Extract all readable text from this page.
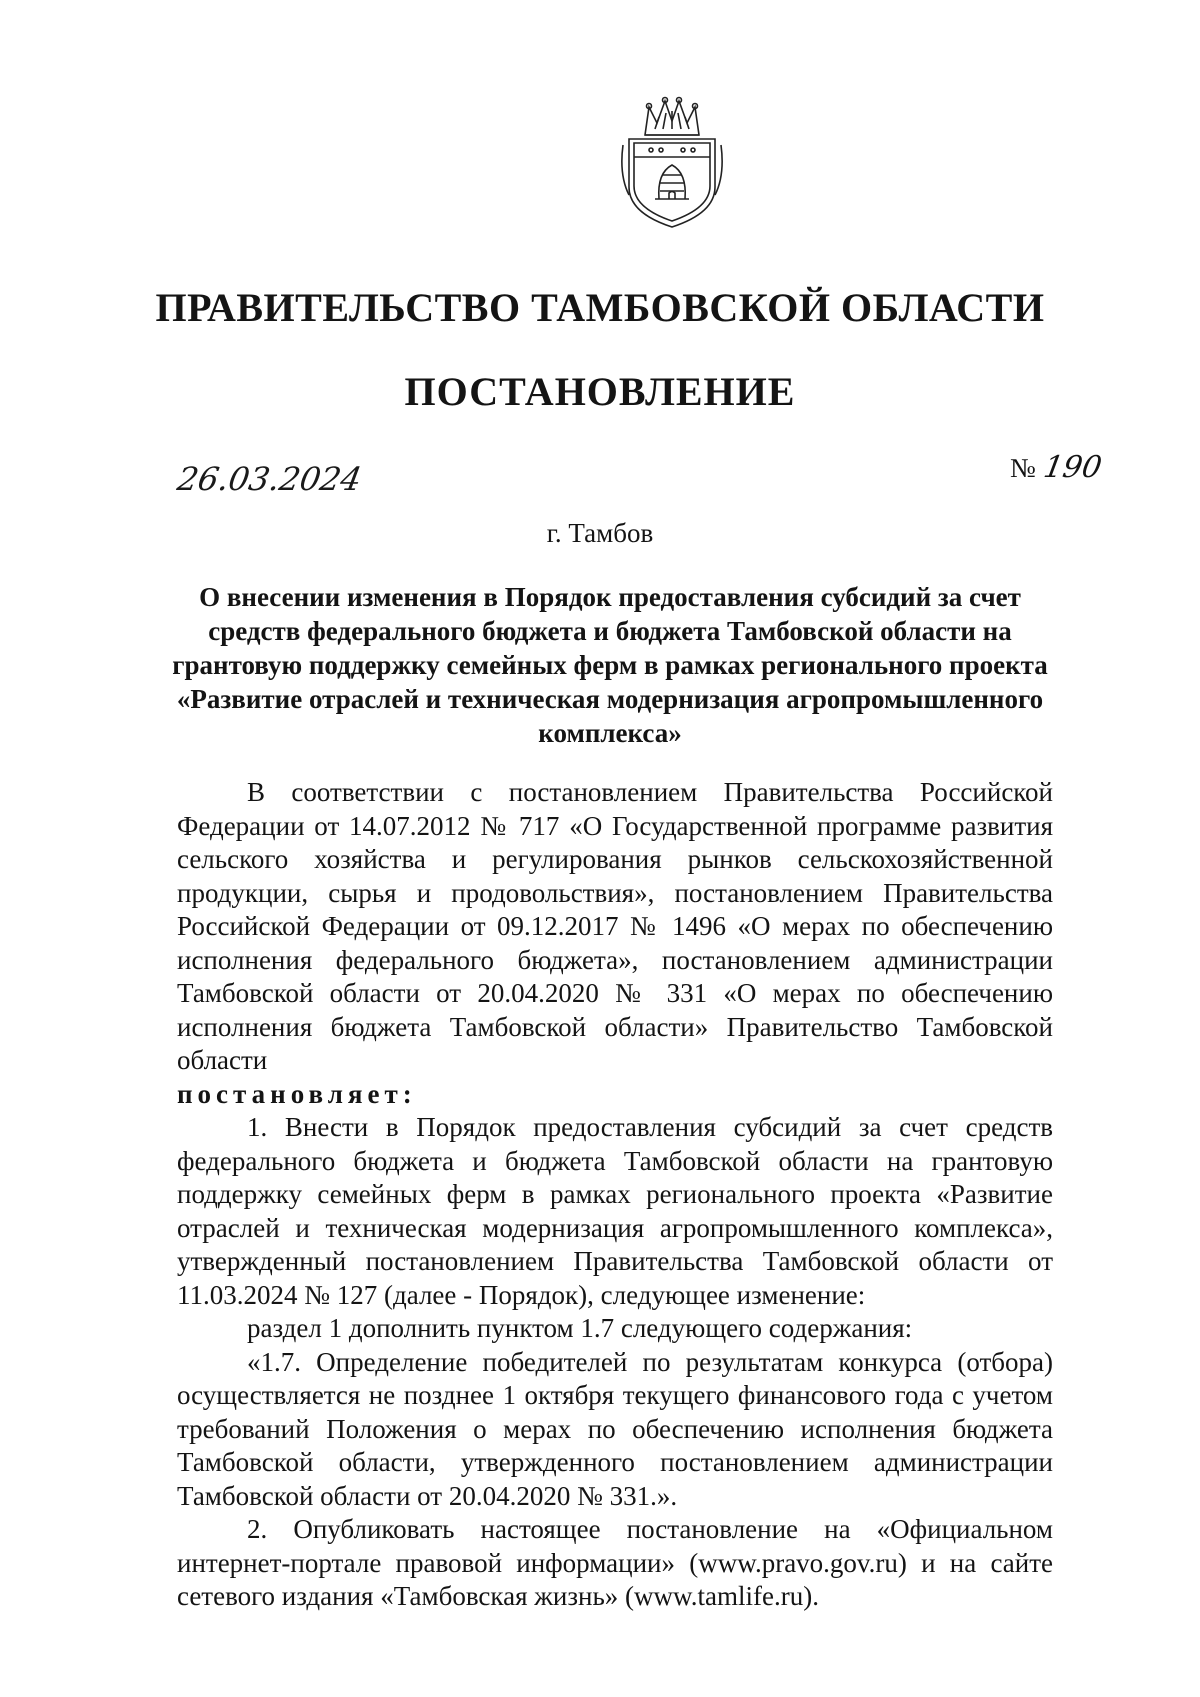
ПРАВИТЕЛЬСТВО ТАМБОВСКОЙ ОБЛАСТИ
ПОСТАНОВЛЕНИЕ
26.03.2024	№ 190
г. Тамбов
О внесении изменения в Порядок предоставления субсидий за счет средств федерального бюджета и бюджета Тамбовской области на грантовую поддержку семейных ферм в рамках регионального проекта «Развитие отраслей и техническая модернизация агропромышленного комплекса»

В соответствии с постановлением Правительства Российской Федерации от 14.07.2012 № 717 «О Государственной программе развития сельского хозяйства и регулирования рынков сельскохозяйственной продукции, сырья и продовольствия», постановлением Правительства Российской Федерации от 09.12.2017 № 1496 «О мерах по обеспечению исполнения федерального бюджета», постановлением администрации Тамбовской области от 20.04.2020 № 331 «О мерах по обеспечению исполнения бюджета Тамбовской области» Правительство Тамбовской области

постановляет:

1. Внести в Порядок предоставления субсидий за счет средств федерального бюджета и бюджета Тамбовской области на грантовую поддержку семейных ферм в рамках регионального проекта «Развитие отраслей и техническая модернизация агропромышленного комплекса», утвержденный постановлением Правительства Тамбовской области от 11.03.2024 № 127 (далее - Порядок), следующее изменение:

раздел 1 дополнить пунктом 1.7 следующего содержания:

«1.7. Определение победителей по результатам конкурса (отбора) осуществляется не позднее 1 октября текущего финансового года с учетом требований Положения о мерах по обеспечению исполнения бюджета Тамбовской области, утвержденного постановлением администрации Тамбовской области от 20.04.2020 № 331.».

2. Опубликовать настоящее постановление на «Официальном интернет-портале правовой информации» (www.pravo.gov.ru) и на сайте сетевого издания «Тамбовская жизнь» (www.tamlife.ru).
